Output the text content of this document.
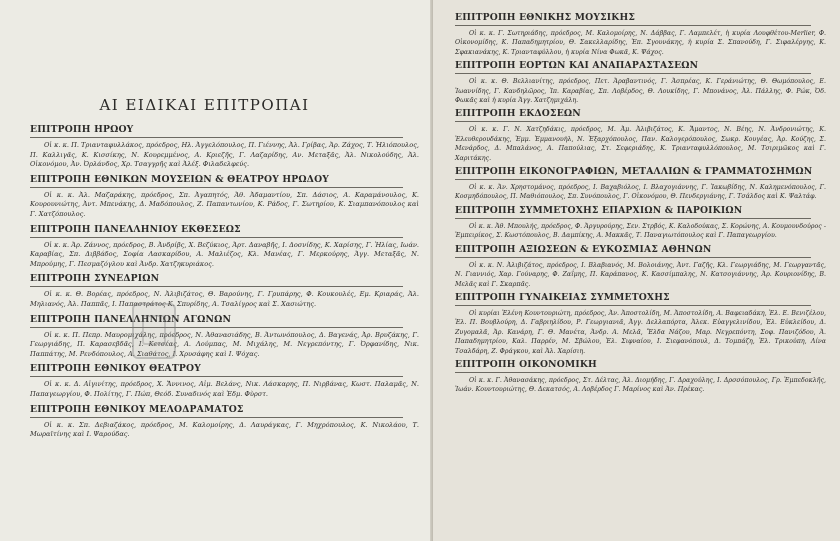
ΑΙ ΕΙΔΙΚΑΙ ΕΠΙΤΡΟΠΑΙ
ΕΠΙΤΡΟΠΗ ΗΡΩΟΥ

Οἱ κ. κ. Π. Τριανταφυλλάκος, πρόεδρος, Ηλ. Ἀγγελόπουλος, Π. Γιέννης, Ἀλ. Γρίβας, Ἀρ. Ζάχος, Τ. Ἠλιόπουλος, Π. Καλλιγᾶς, Κ. Κισσίκης, Ν. Κουρεμμένος, Α. Κριεζῆς, Γ. Λαζαρίδης, Αν. Μεταξᾶς, Ἀλ. Νικολούδης, Ἀλ. Οἰκονόμου, Ἀν. Ὀρλάνδος, Χρ. Τσαγγρῆς καὶ Ἀλέξ. Φιλαδελφεύς.

ΕΠΙΤΡΟΠΗ ΕΘΝΙΚΩΝ ΜΟΥΣΕΙΩΝ & ΘΕΑΤΡΟΥ ΗΡΩΔΟΥ

Οἱ κ. κ. Ἀλ. Μαζαράκης, πρόεδρος, Σπ. Ἀγαπητός, Ἀθ. Ἀδαμαντίου, Σπ. Δάσιος, Α. Καραμάνουλος, Κ. Κουρουνιώτης, Ἀντ. Μπενάκης, Δ. Μαδόπουλος, Ζ. Παπαντωνίου, Κ. Ράδος, Γ. Σωτηρίου, Κ. Σιαμπανόπουλος καὶ Γ. Χατζόπουλος.

ΕΠΙΤΡΟΠΗ ΠΑΝΕΛΛΗΝΙΟΥ ΕΚΘΕΣΕΩΣ

Οἱ κ. κ. Ἀρ. Ζάννος, πρόεδρος, Β. Ἀνδρίβς, Χ. Βεζύκιος, Ἀρτ. Δαναβῆς, Ι. Δοσνίδης, Κ. Χαρίσης, Γ. Ἠλίας, Ιωάν. Καραβίας, Σπ. Διββάδος, Σοφία Λασκαρίδου, Α. Μαλιέζος, Κλ. Μανέας, Γ. Μερκούρης, Ἀγγ. Μεταξᾶς, Ν. Μπρούμης, Γ. Πεσμαζόγλου καὶ Ἀνδρ. Χατζηκυριάκος.

ΕΠΙΤΡΟΠΗ ΣΥΝΕΔΡΙΩΝ

Οἱ κ. κ. Θ. Βορέας, πρόεδρος, Ν. Ἀλιβιζάτος, Θ. Βαρούνης, Γ. Γρυπάρης, Φ. Κουκουλές, Εμ. Κριαράς, Ἀλ. Μηλιανός, Ἀλ. Παππᾶς, Ι. Παπαστράτος Κ. Σπυρίδης, Α. Τσαλίγρος καὶ Σ. Χασιώτης.

ΕΠΙΤΡΟΠΗ ΠΑΝΕΛΛΗΝΙΩΝ ΑΓΩΝΩΝ

Οἱ κ. κ. Π. Πεπρ. Μαυρομιχάλης, πρόεδρος, Ν. Ἀθανασιάδης, Β. Ἀντωνόπουλος, Δ. Βαγενάς, Ἀρ. Βρυζάκης, Γ. Γεωργιάδης, Π. Καρασεβδᾶς, Ι. Κετσέας, Α. Λούμπας, Μ. Μιχάλης, Μ. Νεγρεπόντης, Γ. Ὀρφανίδης, Νικ. Παππάτης, Μ. Ρενδόπουλος, Α. Σιαθάτος, Ι. Χρυσάφης καὶ Ι. Ψόχας.

ΕΠΙΤΡΟΠΗ ΕΘΝΙΚΟΥ ΘΕΑΤΡΟΥ

Οἱ κ. κ. Δ. Αἰγινίτης, πρόεδρος, Χ. Ἄννινος, Αἰμ. Βελάνς, Νικ. Λάσκαρης, Π. Νιρβάνας, Κωστ. Παλαμᾶς, Ν. Παπαγεωργίου, Φ. Πολίτης, Γ. Πώπ, Θεόδ. Συναδινός καὶ Ἐδμ. Φὺρστ.

ΕΠΙΤΡΟΠΗ ΕΘΝΙΚΟΥ ΜΕΛΟΔΡΑΜΑΤΟΣ

Οἱ κ. κ. Σπ. Δεβιαζάκος, πρόεδρος, Μ. Καλομοίρης, Δ. Λαυράγκας, Γ. Μηχρόπουλος, Κ. Νικολάου, Τ. Μωραϊτίνης καὶ Ι. Ψαρούδας.

ΕΠΙΤΡΟΠΗ ΕΘΝΙΚΗΣ ΜΟΥΣΙΚΗΣ

Οἱ κ. κ. Γ. Σωτηριάδης, πρόεδρος, Μ. Καλομοίρης, Ν. Δάββας, Γ. Λαμπελέτ, ἡ κυρία Λουφθέτου-Merlier, Φ. Οἰκονομίδης, Κ. Παπαδημητρίου, Θ. Σακελλαρίδης, Ἐπ. Σγουνάκης, ἡ κυρία Σ. Σπανούδη, Γ. Σιφαλέργης, Κ. Σφακιανάκης, Κ. Τριανταφύλλου, ἡ κυρία Νίνα Φωκᾶ, Κ. Ψάχος.

ΕΠΙΤΡΟΠΗ ΕΟΡΤΩΝ ΚΑΙ ΑΝΑΠΑΡΑΣΤΑΣΕΩΝ

Οἱ κ. κ. Θ. Βελλιανίτης, πρόεδρος, Πετ. Ἀραβαντινός, Γ. Ἀσπρέας, Κ. Γεράνιώτης, Θ. Θωμόπουλος, Ε. Ἰωαννίδης, Γ. Κανδηλῶρος, Ἰπ. Καραβίας, Σπ. Λοβέρδος, Θ. Λουκίδης, Γ. Μπονάνος, Ἀλ. Πάλλης, Φ. Ρώκ, Ὀδ. Φωκᾶς καὶ ἡ κυρία Ἀγγ. Χατζημιχάλη.

ΕΠΙΤΡΟΠΗ ΕΚΔΟΣΕΩΝ

Οἱ κ. κ. Γ. Ν. Χατζηδάκις, πρόεδρος, Μ. Ἀμ. Ἀλιβιζάτος, Κ. Ἄμαντος, Ν. Βέης, Ν. Ἀνδρονιώτης, Κ. Ἐλευθερουδάκης, Ἐμμ. Ἐμμανουὴλ, Ν. Ἐξαρχόπουλος, Παν. Καλογερόπουλος, Σωκρ. Κουγέας, Ἀρ. Κούζης, Σ. Μενάρδος, Δ. Μπαλάνος, Α. Παπούλιας, Στ. Σεφεριάδης, Κ. Τριανταφυλλόπουλος, Μ. Τσιριμῶκος καὶ Γ. Χαριτάκης.

ΕΠΙΤΡΟΠΗ ΕΙΚΟΝΟΓΡΑΦΙΩΝ, ΜΕΤΑΛΛΙΩΝ & ΓΡΑΜΜΑΤΟΣΗΜΩΝ

Οἱ κ. κ. Ἀν. Χρηστομάνος, πρόεδρος, Ι. Βαχαβιόλος, Ι. Βλαχογιάννης, Γ. Ἰακωβίδης, Ν. Καλημενόπουλος, Γ. Κοσμηδόπουλος, Π. Μαθιόπουλος, Σπ. Συνόπουλος, Γ. Οἰκονόμου, Θ. Πενδεργιάνης, Γ. Τσάλδος καὶ Κ. Ψαλτάφ.

ΕΠΙΤΡΟΠΗ ΣΥΜΜΕΤΟΧΗΣ ΕΠΑΡΧΙΩΝ & ΠΑΡΟΙΚΙΩΝ

Οἱ κ. κ. Ἀθ. Μπουλής, πρόεδρος, Φ. Ἀργυρούρης, Σεν. Στρβός, Κ. Καλοδούκας, Σ. Κορώνης, Α. Κουμουνδούρος - Ἐμπειρίκος, Σ. Κωστόπουλος, Β. Δαμπίκης, Α. Μακκᾶς, Τ. Παναγιωτόπουλος καὶ Γ. Παπαγεωργίου.

ΕΠΙΤΡΟΠΗ ΑΞΙΩΣΕΩΝ & ΕΥΚΟΣΜΙΑΣ ΑΘΗΝΩΝ

Οἱ κ. κ. Ν. Ἀλιβιζάτος, πρόεδρος, Ι. Βλαβιανός, Μ. Βολοιάνης, Ἀντ. Γαζῆς, Κλ. Γεωργιάδης, Μ. Γεωργαντᾶς, Ν. Γιαννιός, Χαρ. Γούναρης, Φ. Ζαΐμης, Π. Καράπανος, Κ. Κασσίμπαλης, Ν. Κατσογιάννης, Ἀρ. Κουριονίδης, Β. Μελᾶς καὶ Γ. Σκαρπᾶς.

ΕΠΙΤΡΟΠΗ ΓΥΝΑΙΚΕΙΑΣ ΣΥΜΜΕΤΟΧΗΣ

Οἱ κυρίαι Ἑλένη Κουντουριώτη, πρόεδρος, Ἀν. Ἀποστολίδη, Μ. Ἀποστολίδη, Α. Βαφειαδάκη, Ἐλ. Ε. Βενιζέλου, Ἐλ. Π. Βουβλούρη, Δ. Γαβριηλίδου, Ρ. Γεωργιανιᾶ, Ἀγγ. Δελλαπόρτα, Ἀλεκ. Εὐαγγελινίδου, Ἐλ. Εὐκλείδου, Δ. Ζυγομαλᾶ, Ἀρ. Κανάρη, Γ. Θ. Μανέτα, Ἀνδρ. Α. Μελᾶ, Ἔλδα Νάζου, Μαρ. Νεγρεπόντη, Σοφ. Πανιζόδου, Ἀ. Παπαδημητρίου, Καλ. Παρρέν, Μ. Σβώλου, Ἐλ. Σιφναίου, Ι. Σιεφανόπουλ, Δ. Τομπάζη, Ἐλ. Τρικούπη, Λίνα Τσαλδάρη, Ζ. Φράγκου, καὶ Ἀλ. Χαρίσιη.

ΕΠΙΤΡΟΠΗ ΟΙΚΟΝΟΜΙΚΗ

Οἱ κ. κ. Γ. Ἀθανασάκης, πρόεδρος, Στ. Δέλτας, Ἀλ. Διομήδης, Γ. Δραχούλης, Ι. Δρσσόπουλος, Γρ. Ἐμπεδοκλῆς, Ἰωάν. Κουντουριώτης, Θ. Δεκατσός, Α. Λοβέρδος Γ. Μαρίνος καὶ Ἀν. Πρέκας.
